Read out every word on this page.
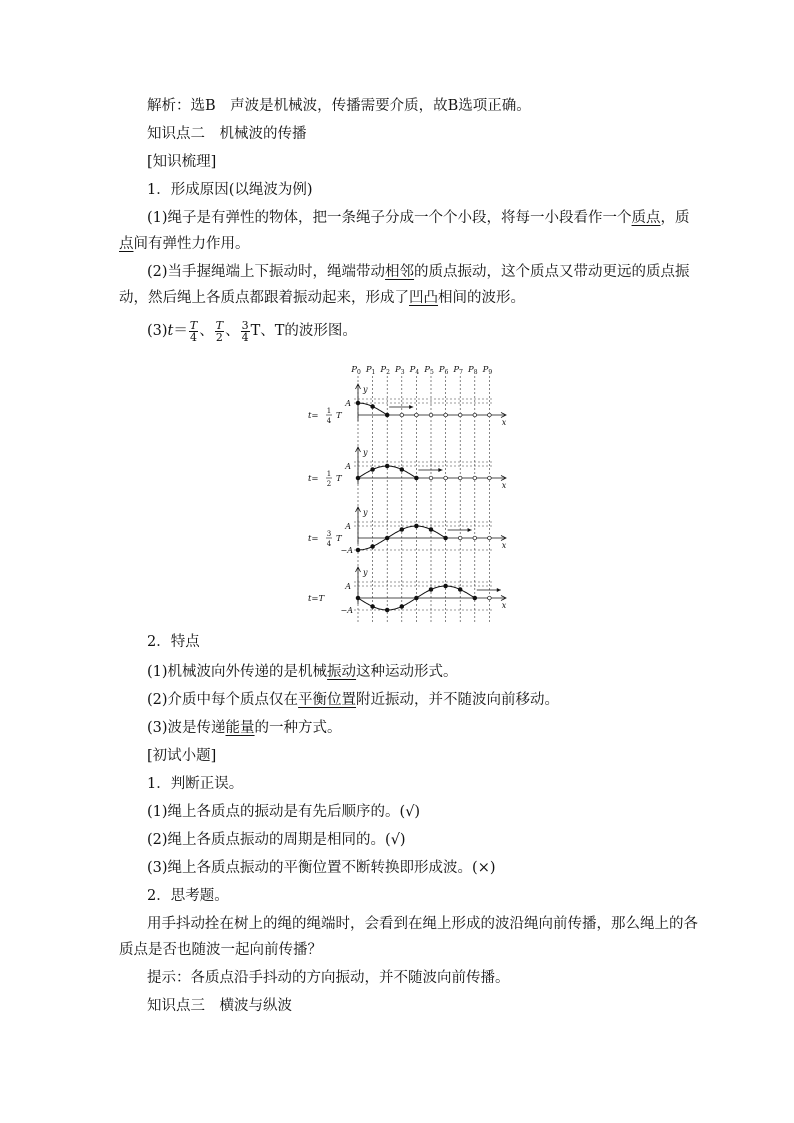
解析：选B　声波是机械波，传播需要介质，故B选项正确。
知识点二　机械波的传播
[知识梳理]
1．形成原因(以绳波为例)
(1)绳子是有弹性的物体，把一条绳子分成一个个小段，将每一小段看作一个质点，质
点间有弹性力作用。
(2)当手握绳端上下振动时，绳端带动相邻的质点振动，这个质点又带动更远的质点振
动，然后绳上各质点都跟着振动起来，形成了凹凸相间的波形。
$(3)t= \frac{T}{4}$ 、 $\frac{T}{2}$ 、 $\frac{3}{4}$ T、T的波形图。
$P_0$ $P_1$ $P_2$ $P_3$ $P_4$ $P_5$ $P_6$ $P_7$ $P_8$ $P_9$
y
x
A
t= 1
4 T
y
x
A
t= 1
2 T
y
x
A
−A
t= 3
4 T
y
x
A
−A
t=T
2．特点
(1)机械波向外传递的是机械振动这种运动形式。
(2)介质中每个质点仅在平衡位置附近振动，并不随波向前移动。
(3)波是传递能量的一种方式。
[初试小题]
1．判断正误。
(1)绳上各质点的振动是有先后顺序的。(√)
(2)绳上各质点振动的周期是相同的。(√)
(3)绳上各质点振动的平衡位置不断转换即形成波。(×)
2．思考题。
用手抖动拴在树上的绳的绳端时，会看到在绳上形成的波沿绳向前传播，那么绳上的各
质点是否也随波一起向前传播？
提示：各质点沿手抖动的方向振动，并不随波向前传播。
知识点三　横波与纵波
